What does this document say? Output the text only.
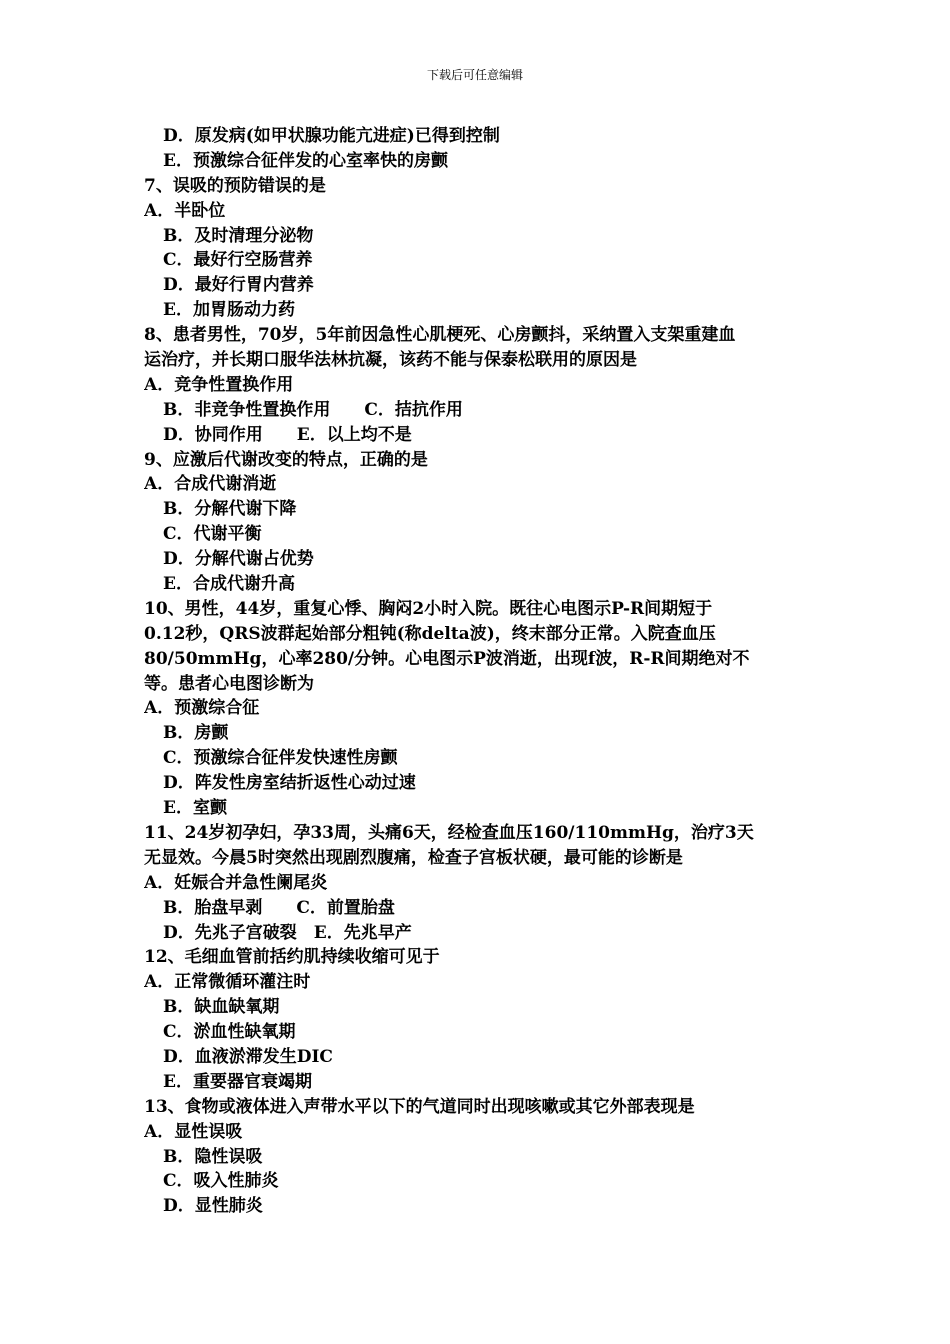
下载后可任意编辑
D．原发病(如甲状腺功能亢进症)已得到控制
E．预激综合征伴发的心室率快的房颤
7、误吸的预防错误的是
A．半卧位
B．及时清理分泌物
C．最好行空肠营养
D．最好行胃内营养
E．加胃肠动力药
8、患者男性，70岁，5年前因急性心肌梗死、心房颤抖，采纳置入支架重建血
运治疗，并长期口服华法林抗凝，该药不能与保泰松联用的原因是
A．竞争性置换作用
B．非竞争性置换作用　　C．拮抗作用
D．协同作用　　E．以上均不是
9、应激后代谢改变的特点，正确的是
A．合成代谢消逝
B．分解代谢下降
C．代谢平衡
D．分解代谢占优势
E．合成代谢升高
10、男性，44岁，重复心悸、胸闷2小时入院。既往心电图示P-R间期短于
0.12秒，QRS波群起始部分粗钝(称delta波)，终末部分正常。入院查血压
80/50mmHg，心率280/分钟。心电图示P波消逝，出现f波，R-R间期绝对不
等。患者心电图诊断为
A．预激综合征
B．房颤
C．预激综合征伴发快速性房颤
D．阵发性房室结折返性心动过速
E．室颤
11、24岁初孕妇，孕33周，头痛6天，经检查血压160/110mmHg，治疗3天
无显效。今晨5时突然出现剧烈腹痛，检查子宫板状硬，最可能的诊断是
A．妊娠合并急性阑尾炎
B．胎盘早剥　　C．前置胎盘
D．先兆子宫破裂　E．先兆早产
12、毛细血管前括约肌持续收缩可见于
A．正常微循环灌注时
B．缺血缺氧期
C．淤血性缺氧期
D．血液淤滞发生DIC
E．重要器官衰竭期
13、食物或液体进入声带水平以下的气道同时出现咳嗽或其它外部表现是
A．显性误吸
B．隐性误吸
C．吸入性肺炎
D．显性肺炎
